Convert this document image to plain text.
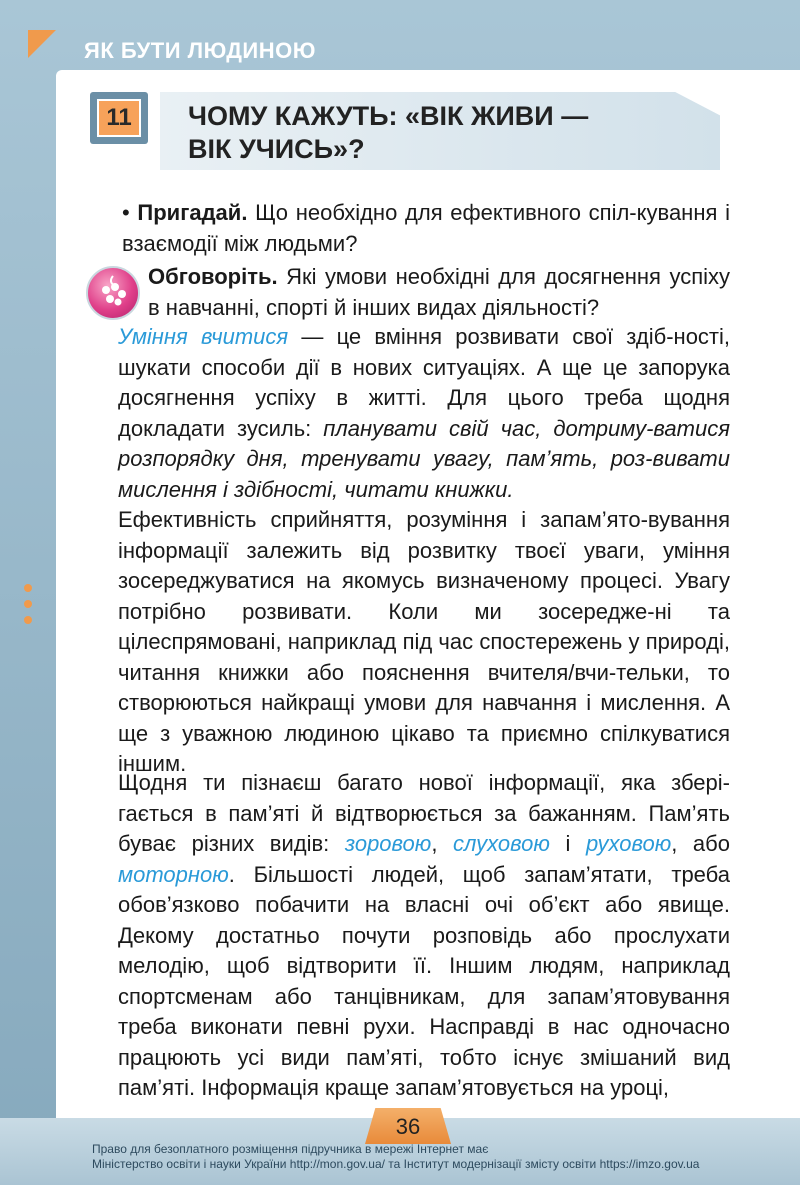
ЯК БУТИ ЛЮДИНОЮ
11	ЧОМУ КАЖУТЬ: «ВІК ЖИВИ —
ВІК УЧИСЬ»?
• Пригадай. Що необхідно для ефективного спіл-кування і взаємодії між людьми?
Обговоріть. Які умови необхідні для досягнення успіху в навчанні, спорті й інших видах діяльності?
Уміння вчитися — це вміння розвивати свої здіб-ності, шукати способи дії в нових ситуаціях. А ще це запорука досягнення успіху в житті. Для цього треба щодня докладати зусиль: планувати свій час, дотриму-ватися розпорядку дня, тренувати увагу, пам’ять, роз-вивати мислення і здібності, читати книжки.
Ефективність сприйняття, розуміння і запам’ято-вування інформації залежить від розвитку твоєї уваги, уміння зосереджуватися на якомусь визначеному процесі. Увагу потрібно розвивати. Коли ми зосередже-ні та цілеспрямовані, наприклад під час спостережень у природі, читання книжки або пояснення вчителя/вчи-тельки, то створюються найкращі умови для навчання і мислення. А ще з уважною людиною цікаво та приємно спілкуватися іншим.
Щодня ти пізнаєш багато нової інформації, яка збері-гається в пам’яті й відтворюється за бажанням. Пам’ять буває різних видів: зоровою, слуховою і руховою, або моторною. Більшості людей, щоб запам’ятати, треба обов’язково побачити на власні очі об’єкт або явище. Декому достатньо почути розповідь або прослухати мелодію, щоб відтворити її. Іншим людям, наприклад спортсменам або танцівникам, для запам’ятовування треба виконати певні рухи. Насправді в нас одночасно працюють усі види пам’яті, тобто існує змішаний вид пам’яті. Інформація краще запам’ятовується на уроці,
36
Право для безоплатного розміщення підручника в мережі Інтернет має
Міністерство освіти і науки України http://mon.gov.ua/ та Інститут модернізації змісту освіти https://imzo.gov.ua
